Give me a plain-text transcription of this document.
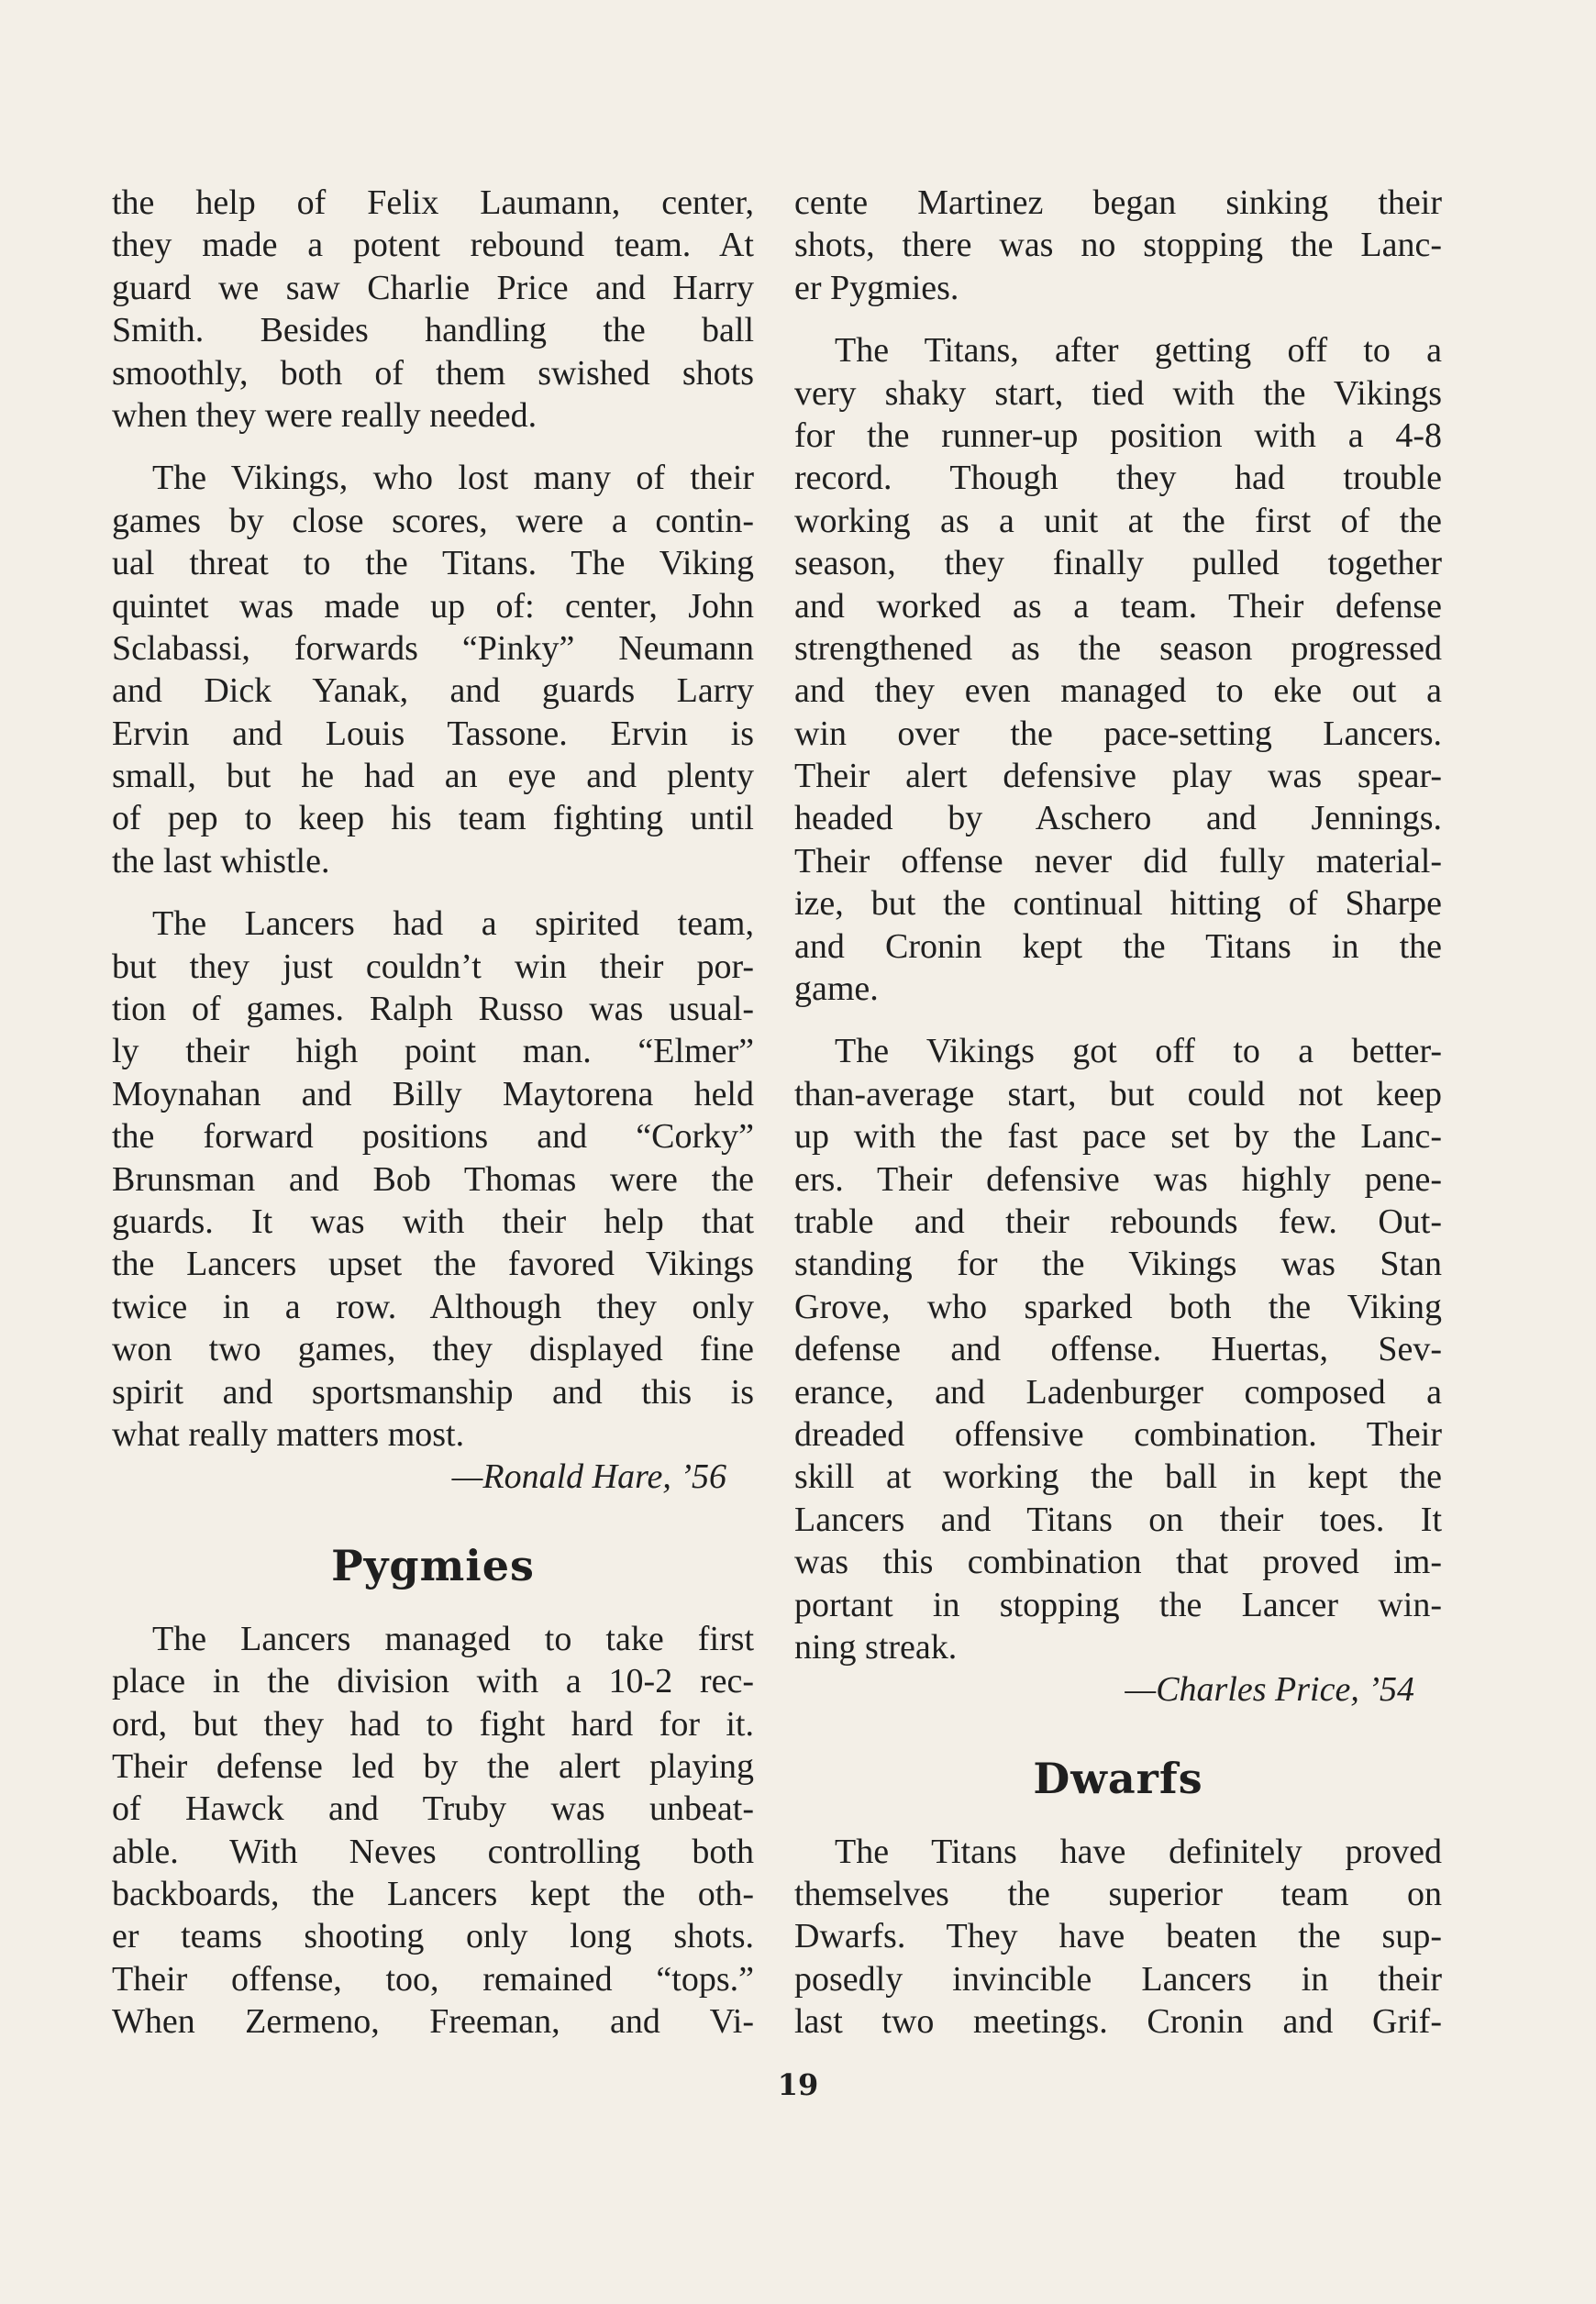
the help of Felix Laumann, center,
they made a potent rebound team. At
guard we saw Charlie Price and Harry
Smith. Besides handling the ball
smoothly, both of them swished shots
when they were really needed.
The Vikings, who lost many of their
games by close scores, were a contin-
ual threat to the Titans. The Viking
quintet was made up of: center, John
Sclabassi, forwards “Pinky” Neumann
and Dick Yanak, and guards Larry
Ervin and Louis Tassone. Ervin is
small, but he had an eye and plenty
of pep to keep his team fighting until
the last whistle.
The Lancers had a spirited team,
but they just couldn’t win their por-
tion of games. Ralph Russo was usual-
ly their high point man. “Elmer”
Moynahan and Billy Maytorena held
the forward positions and “Corky”
Brunsman and Bob Thomas were the
guards. It was with their help that
the Lancers upset the favored Vikings
twice in a row. Although they only
won two games, they displayed fine
spirit and sportsmanship and this is
what really matters most.
—Ronald Hare, ’56
Pygmies
The Lancers managed to take first
place in the division with a 10-2 rec-
ord, but they had to fight hard for it.
Their defense led by the alert playing
of Hawck and Truby was unbeat-
able. With Neves controlling both
backboards, the Lancers kept the oth-
er teams shooting only long shots.
Their offense, too, remained “tops.”
When Zermeno, Freeman, and Vi-
cente Martinez began sinking their
shots, there was no stopping the Lanc-
er Pygmies.
The Titans, after getting off to a
very shaky start, tied with the Vikings
for the runner-up position with a 4-8
record. Though they had trouble
working as a unit at the first of the
season, they finally pulled together
and worked as a team. Their defense
strengthened as the season progressed
and they even managed to eke out a
win over the pace-setting Lancers.
Their alert defensive play was spear-
headed by Aschero and Jennings.
Their offense never did fully material-
ize, but the continual hitting of Sharpe
and Cronin kept the Titans in the
game.
The Vikings got off to a better-
than-average start, but could not keep
up with the fast pace set by the Lanc-
ers. Their defensive was highly pene-
trable and their rebounds few. Out-
standing for the Vikings was Stan
Grove, who sparked both the Viking
defense and offense. Huertas, Sev-
erance, and Ladenburger composed a
dreaded offensive combination. Their
skill at working the ball in kept the
Lancers and Titans on their toes. It
was this combination that proved im-
portant in stopping the Lancer win-
ning streak.
—Charles Price, ’54
Dwarfs
The Titans have definitely proved
themselves the superior team on
Dwarfs. They have beaten the sup-
posedly invincible Lancers in their
last two meetings. Cronin and Grif-
19
